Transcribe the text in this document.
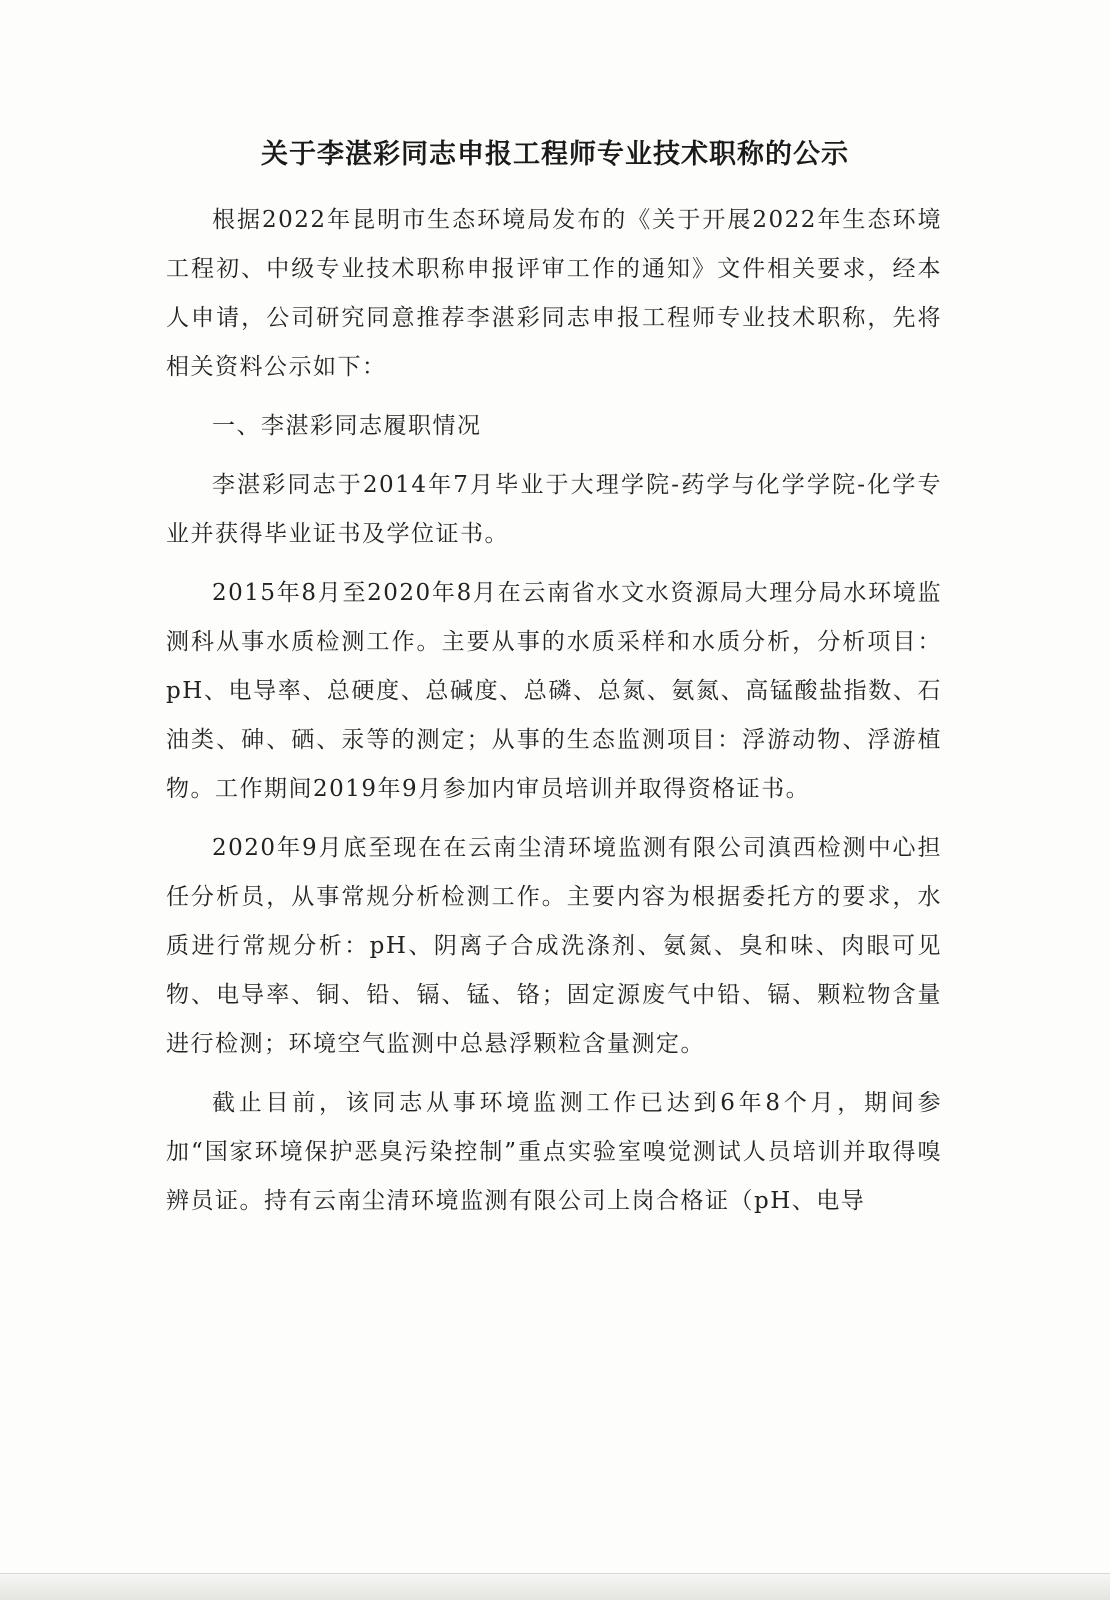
关于李湛彩同志申报工程师专业技术职称的公示

根据2022年昆明市生态环境局发布的《关于开展2022年生态环境工程初、中级专业技术职称申报评审工作的通知》文件相关要求，经本人申请，公司研究同意推荐李湛彩同志申报工程师专业技术职称，先将相关资料公示如下：

一、李湛彩同志履职情况

李湛彩同志于2014年7月毕业于大理学院-药学与化学学院-化学专业并获得毕业证书及学位证书。

2015年8月至2020年8月在云南省水文水资源局大理分局水环境监测科从事水质检测工作。主要从事的水质采样和水质分析，分析项目：pH、电导率、总硬度、总碱度、总磷、总氮、氨氮、高锰酸盐指数、石油类、砷、硒、汞等的测定；从事的生态监测项目：浮游动物、浮游植物。工作期间2019年9月参加内审员培训并取得资格证书。

2020年9月底至现在在云南尘清环境监测有限公司滇西检测中心担任分析员，从事常规分析检测工作。主要内容为根据委托方的要求，水质进行常规分析：pH、阴离子合成洗涤剂、氨氮、臭和味、肉眼可见物、电导率、铜、铅、镉、锰、铬；固定源废气中铅、镉、颗粒物含量进行检测；环境空气监测中总悬浮颗粒含量测定。

截止目前，该同志从事环境监测工作已达到6年8个月，期间参加“国家环境保护恶臭污染控制”重点实验室嗅觉测试人员培训并取得嗅辨员证。持有云南尘清环境监测有限公司上岗合格证（pH、电导
